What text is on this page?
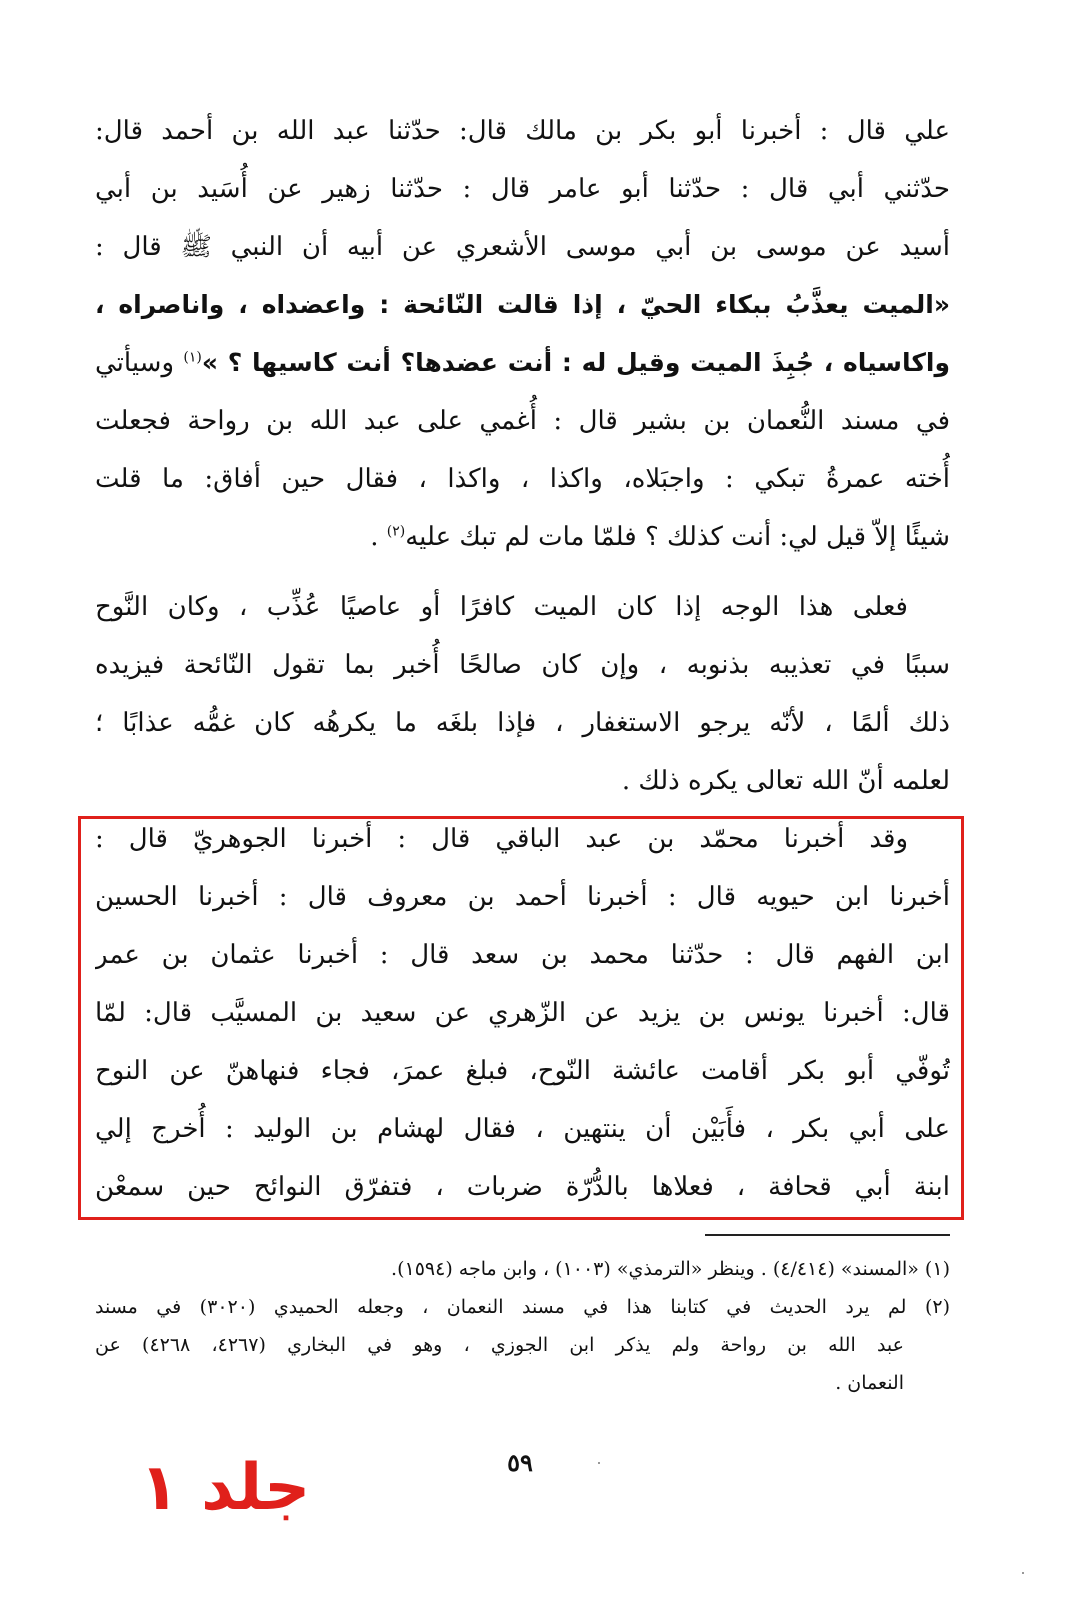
علي قال : أخبرنا أبو بكر بن مالك قال: حدّثنا عبد الله بن أحمد قال:
حدّثني أبي قال : حدّثنا أبو عامر قال : حدّثنا زهير عن أُسَيد بن أبي
أسيد عن موسى بن أبي موسى الأشعري عن أبيه أن النبي ﷺ قال :
«الميت يعذَّبُ ببكاء الحيّ ، إذا قالت النّائحة : واعضداه ، واناصراه ،
واكاسياه ، جُبِذَ الميت وقيل له : أنت عضدها؟ أنت كاسيها ؟ »$^{(١)}$ وسيأتي
في مسند النُّعمان بن بشير قال : أُغمي على عبد الله بن رواحة فجعلت
أُخته عمرةُ تبكي : واجبَلاه، واكذا ، واكذا ، فقال حين أفاق: ما قلت
شيئًا إلاّ قيل لي: أنت كذلك ؟ فلمّا مات لم تبك عليه$^{(٢)}$ .
فعلى هذا الوجه إذا كان الميت كافرًا أو عاصيًا عُذِّب ، وكان النَّوح
سببًا في تعذيبه بذنوبه ، وإن كان صالحًا أُخبر بما تقول النّائحة فيزيده
ذلك ألمًا ، لأنّه يرجو الاستغفار ، فإذا بلغَه ما يكرهُه كان غمُّه عذابًا ؛
لعلمه أنّ الله تعالى يكره ذلك .
وقد أخبرنا محمّد بن عبد الباقي قال : أخبرنا الجوهريّ قال :
أخبرنا ابن حيويه قال : أخبرنا أحمد بن معروف قال : أخبرنا الحسين
ابن الفهم قال : حدّثنا محمد بن سعد قال : أخبرنا عثمان بن عمر
قال: أخبرنا يونس بن يزيد عن الزّهري عن سعيد بن المسيَّب قال: لمّا
تُوفّي أبو بكر أقامت عائشة النّوح، فبلغ عمرَ، فجاء فنهاهنّ عن النوح
على أبي بكر ، فأَبَيْن أن ينتهين ، فقال لهشام بن الوليد : أُخرج إلي
ابنة أبي قحافة ، فعلاها بالدُّرّة ضربات ، فتفرّق النوائح حين سمعْن
(١) «المسند» (٤/٤١٤) . وينظر «الترمذي» (١٠٠٣) ، وابن ماجه (١٥٩٤).
(٢) لم يرد الحديث في كتابنا هذا في مسند النعمان ، وجعله الحميدي (٣٠٢٠) في مسند
عبد الله بن رواحة ولم يذكر ابن الجوزي ، وهو في البخاري (٤٢٦٧، ٤٢٦٨) عن
النعمان .
٥٩
جلد ١
